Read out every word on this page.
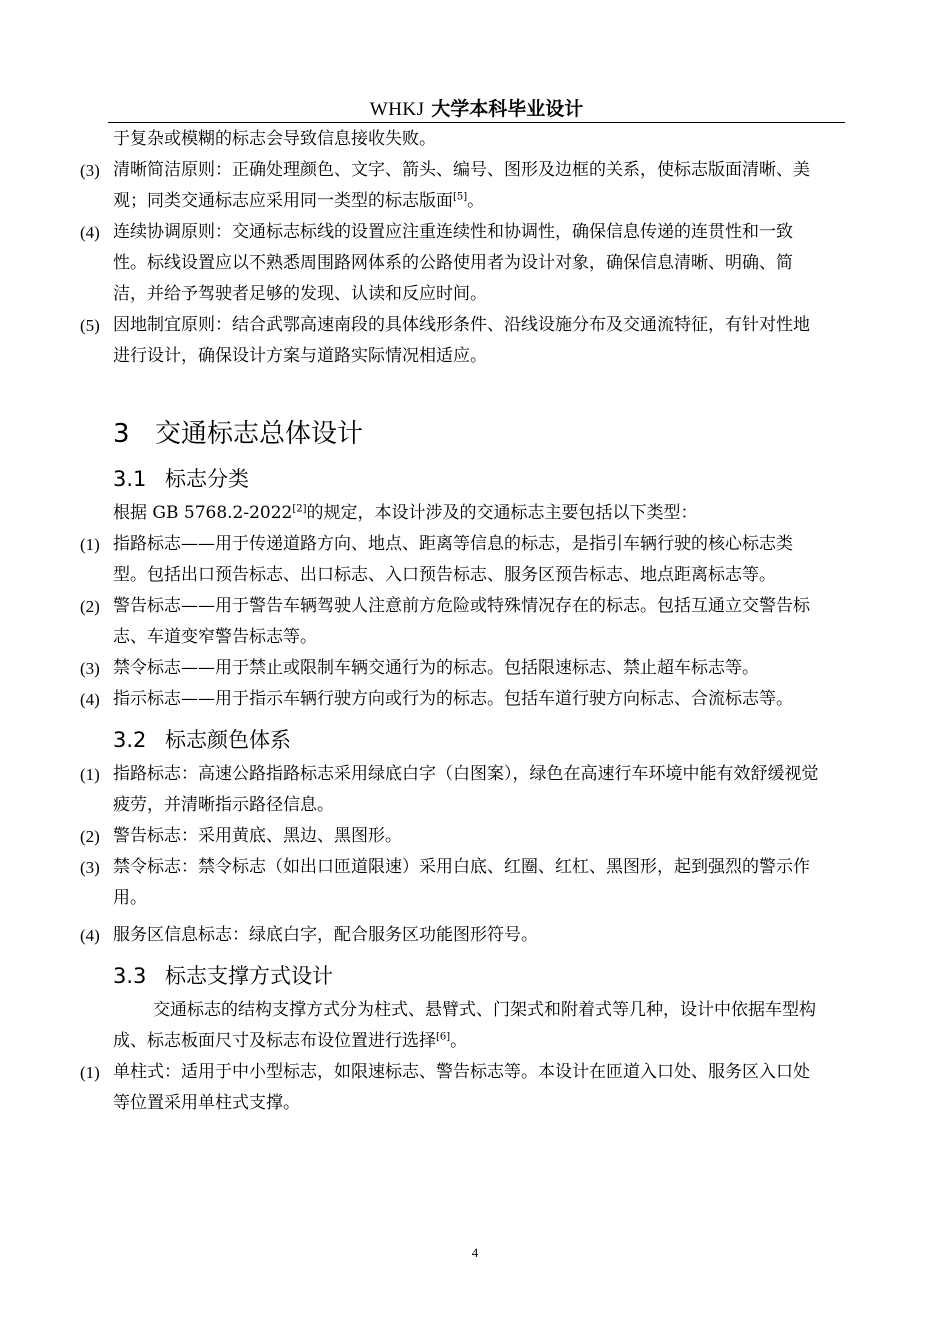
WHKJ 大学本科毕业设计

于复杂或模糊的标志会导致信息接收失败。

(3) 清晰简洁原则：正确处理颜色、文字、箭头、编号、图形及边框的关系，使标志版面清晰、美观；同类交通标志应采用同一类型的标志版面[5]。
(4) 连续协调原则：交通标志标线的设置应注重连续性和协调性，确保信息传递的连贯性和一致性。标线设置应以不熟悉周围路网体系的公路使用者为设计对象，确保信息清晰、明确、简洁，并给予驾驶者足够的发现、认读和反应时间。
(5) 因地制宜原则：结合武鄂高速南段的具体线形条件、沿线设施分布及交通流特征，有针对性地进行设计，确保设计方案与道路实际情况相适应。
3 交通标志总体设计
3.1 标志分类

根据 GB 5768.2-2022[2]的规定，本设计涉及的交通标志主要包括以下类型：

(1) 指路标志——用于传递道路方向、地点、距离等信息的标志，是指引车辆行驶的核心标志类型。包括出口预告标志、出口标志、入口预告标志、服务区预告标志、地点距离标志等。
(2) 警告标志——用于警告车辆驾驶人注意前方危险或特殊情况存在的标志。包括互通立交警告标志、车道变窄警告标志等。
(3) 禁令标志——用于禁止或限制车辆交通行为的标志。包括限速标志、禁止超车标志等。
(4) 指示标志——用于指示车辆行驶方向或行为的标志。包括车道行驶方向标志、合流标志等。
3.2 标志颜色体系
(1) 指路标志：高速公路指路标志采用绿底白字（白图案），绿色在高速行车环境中能有效舒缓视觉疲劳，并清晰指示路径信息。
(2) 警告标志：采用黄底、黑边、黑图形。
(3) 禁令标志：禁令标志（如出口匝道限速）采用白底、红圈、红杠、黑图形，起到强烈的警示作用。
(4) 服务区信息标志：绿底白字，配合服务区功能图形符号。
3.3 标志支撑方式设计

交通标志的结构支撑方式分为柱式、悬臂式、门架式和附着式等几种，设计中依据车型构成、标志板面尺寸及标志布设位置进行选择[6]。

(1) 单柱式：适用于中小型标志，如限速标志、警告标志等。本设计在匝道入口处、服务区入口处等位置采用单柱式支撑。
4
